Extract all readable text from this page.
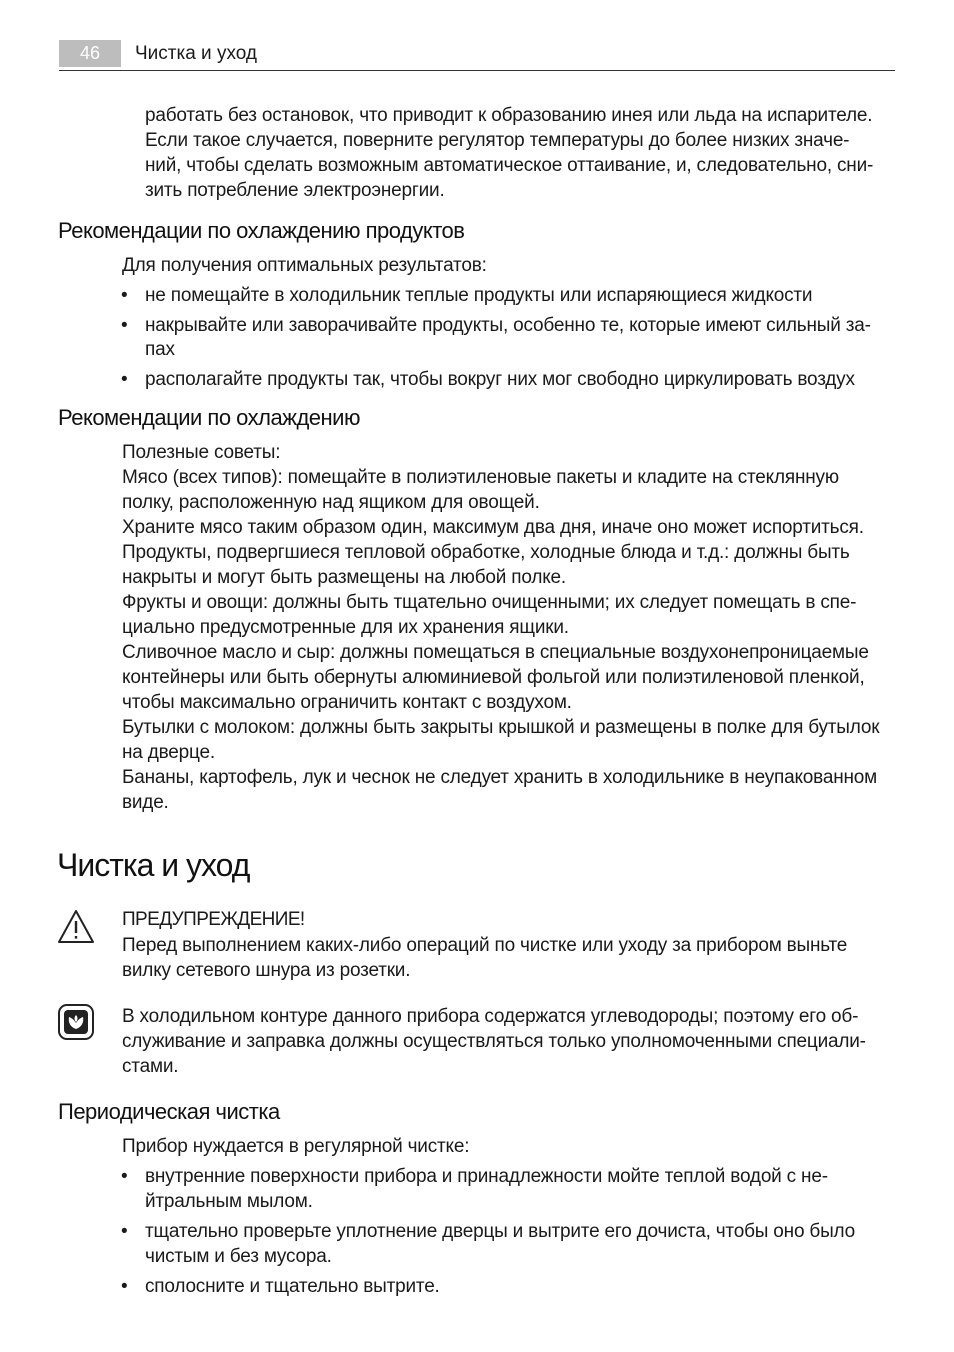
46	Чистка и уход

работать без остановок, что приводит к образованию инея или льда на испарителе.

Если такое случается, поверните регулятор температуры до более низких значе-

ний, чтобы сделать возможным автоматическое оттаивание, и, следовательно, сни-

зить потребление электроэнергии.

Рекомендации по охлаждению продуктов

Для получения оптимальных результатов:

• не помещайте в холодильник теплые продукты или испаряющиеся жидкости
• накрывайте или заворачивайте продукты, особенно те, которые имеют сильный за-
пах
• располагайте продукты так, чтобы вокруг них мог свободно циркулировать воздух
Рекомендации по охлаждению

Полезные советы:

Мясо (всех типов): помещайте в полиэтиленовые пакеты и кладите на стеклянную

полку, расположенную над ящиком для овощей.

Храните мясо таким образом один, максимум два дня, иначе оно может испортиться.

Продукты, подвергшиеся тепловой обработке, холодные блюда и т.д.: должны быть

накрыты и могут быть размещены на любой полке.

Фрукты и овощи: должны быть тщательно очищенными; их следует помещать в спе-

циально предусмотренные для их хранения ящики.

Сливочное масло и сыр: должны помещаться в специальные воздухонепроницаемые

контейнеры или быть обернуты алюминиевой фольгой или полиэтиленовой пленкой,

чтобы максимально ограничить контакт с воздухом.

Бутылки с молоком: должны быть закрыты крышкой и размещены в полке для бутылок

на дверце.

Бананы, картофель, лук и чеснок не следует хранить в холодильнике в неупакованном

виде.

Чистка и уход

ПРЕДУПРЕЖДЕНИЕ!

Перед выполнением каких-либо операций по чистке или уходу за прибором выньте

вилку сетевого шнура из розетки.

В холодильном контуре данного прибора содержатся углеводороды; поэтому его об-

служивание и заправка должны осуществляться только уполномоченными специали-

стами.

Периодическая чистка

Прибор нуждается в регулярной чистке:

• внутренние поверхности прибора и принадлежности мойте теплой водой с не-
йтральным мылом.
• тщательно проверьте уплотнение дверцы и вытрите его дочиста, чтобы оно было
чистым и без мусора.
• сполосните и тщательно вытрите.
